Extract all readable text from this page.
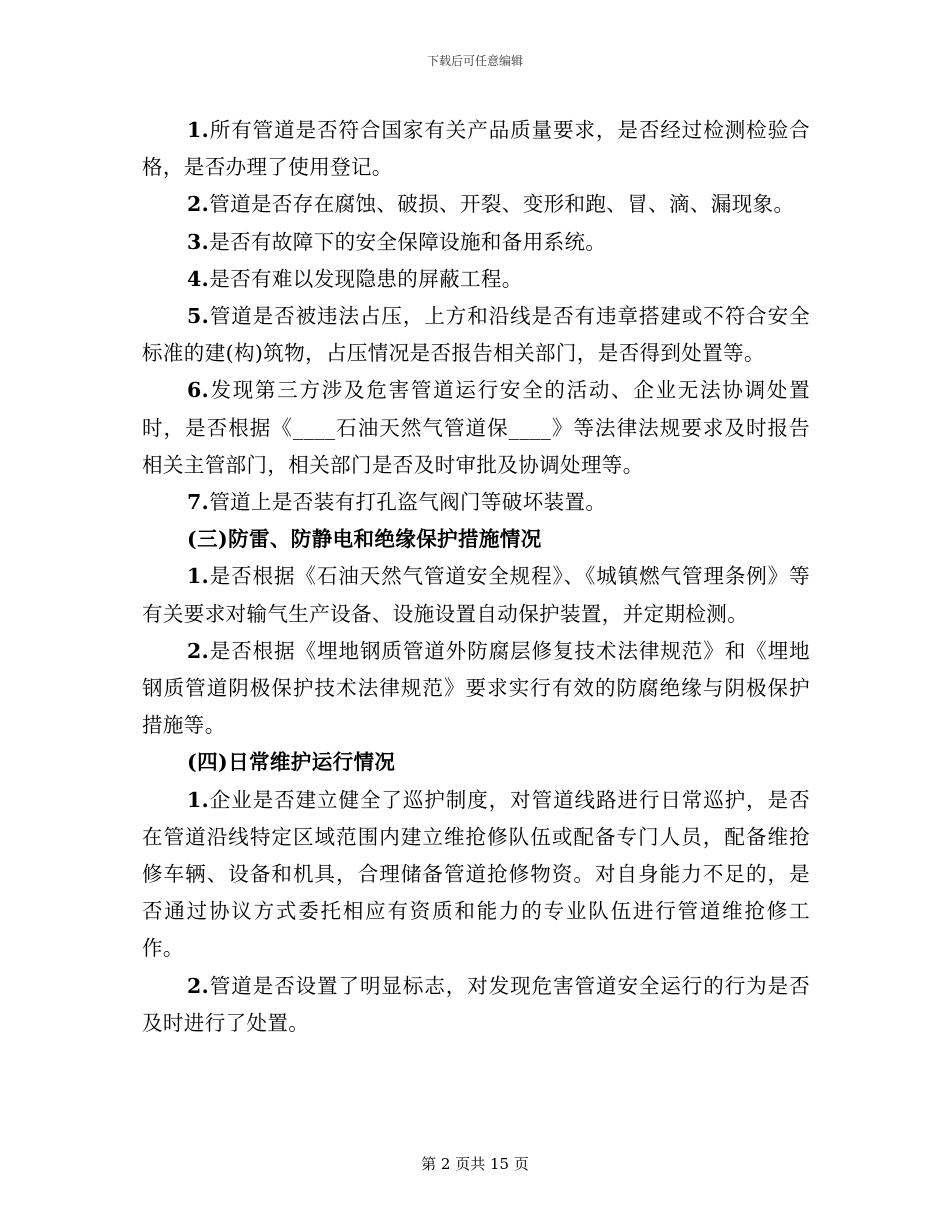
下载后可任意编辑

1.所有管道是否符合国家有关产品质量要求，是否经过检测检验合格，是否办理了使用登记。

2.管道是否存在腐蚀、破损、开裂、变形和跑、冒、滴、漏现象。

3.是否有故障下的安全保障设施和备用系统。

4.是否有难以发现隐患的屏蔽工程。

5.管道是否被违法占压，上方和沿线是否有违章搭建或不符合安全标准的建(构)筑物，占压情况是否报告相关部门，是否得到处置等。

6.发现第三方涉及危害管道运行安全的活动、企业无法协调处置时，是否根据《____石油天然气管道保____》等法律法规要求及时报告相关主管部门，相关部门是否及时审批及协调处理等。

7.管道上是否装有打孔盗气阀门等破坏装置。

(三)防雷、防静电和绝缘保护措施情况

1.是否根据《石油天然气管道安全规程》、《城镇燃气管理条例》等有关要求对输气生产设备、设施设置自动保护装置，并定期检测。

2.是否根据《埋地钢质管道外防腐层修复技术法律规范》和《埋地钢质管道阴极保护技术法律规范》要求实行有效的防腐绝缘与阴极保护措施等。

(四)日常维护运行情况

1.企业是否建立健全了巡护制度，对管道线路进行日常巡护，是否在管道沿线特定区域范围内建立维抢修队伍或配备专门人员，配备维抢修车辆、设备和机具，合理储备管道抢修物资。对自身能力不足的，是否通过协议方式委托相应有资质和能力的专业队伍进行管道维抢修工作。

2.管道是否设置了明显标志，对发现危害管道安全运行的行为是否及时进行了处置。

第 2 页共 15 页
